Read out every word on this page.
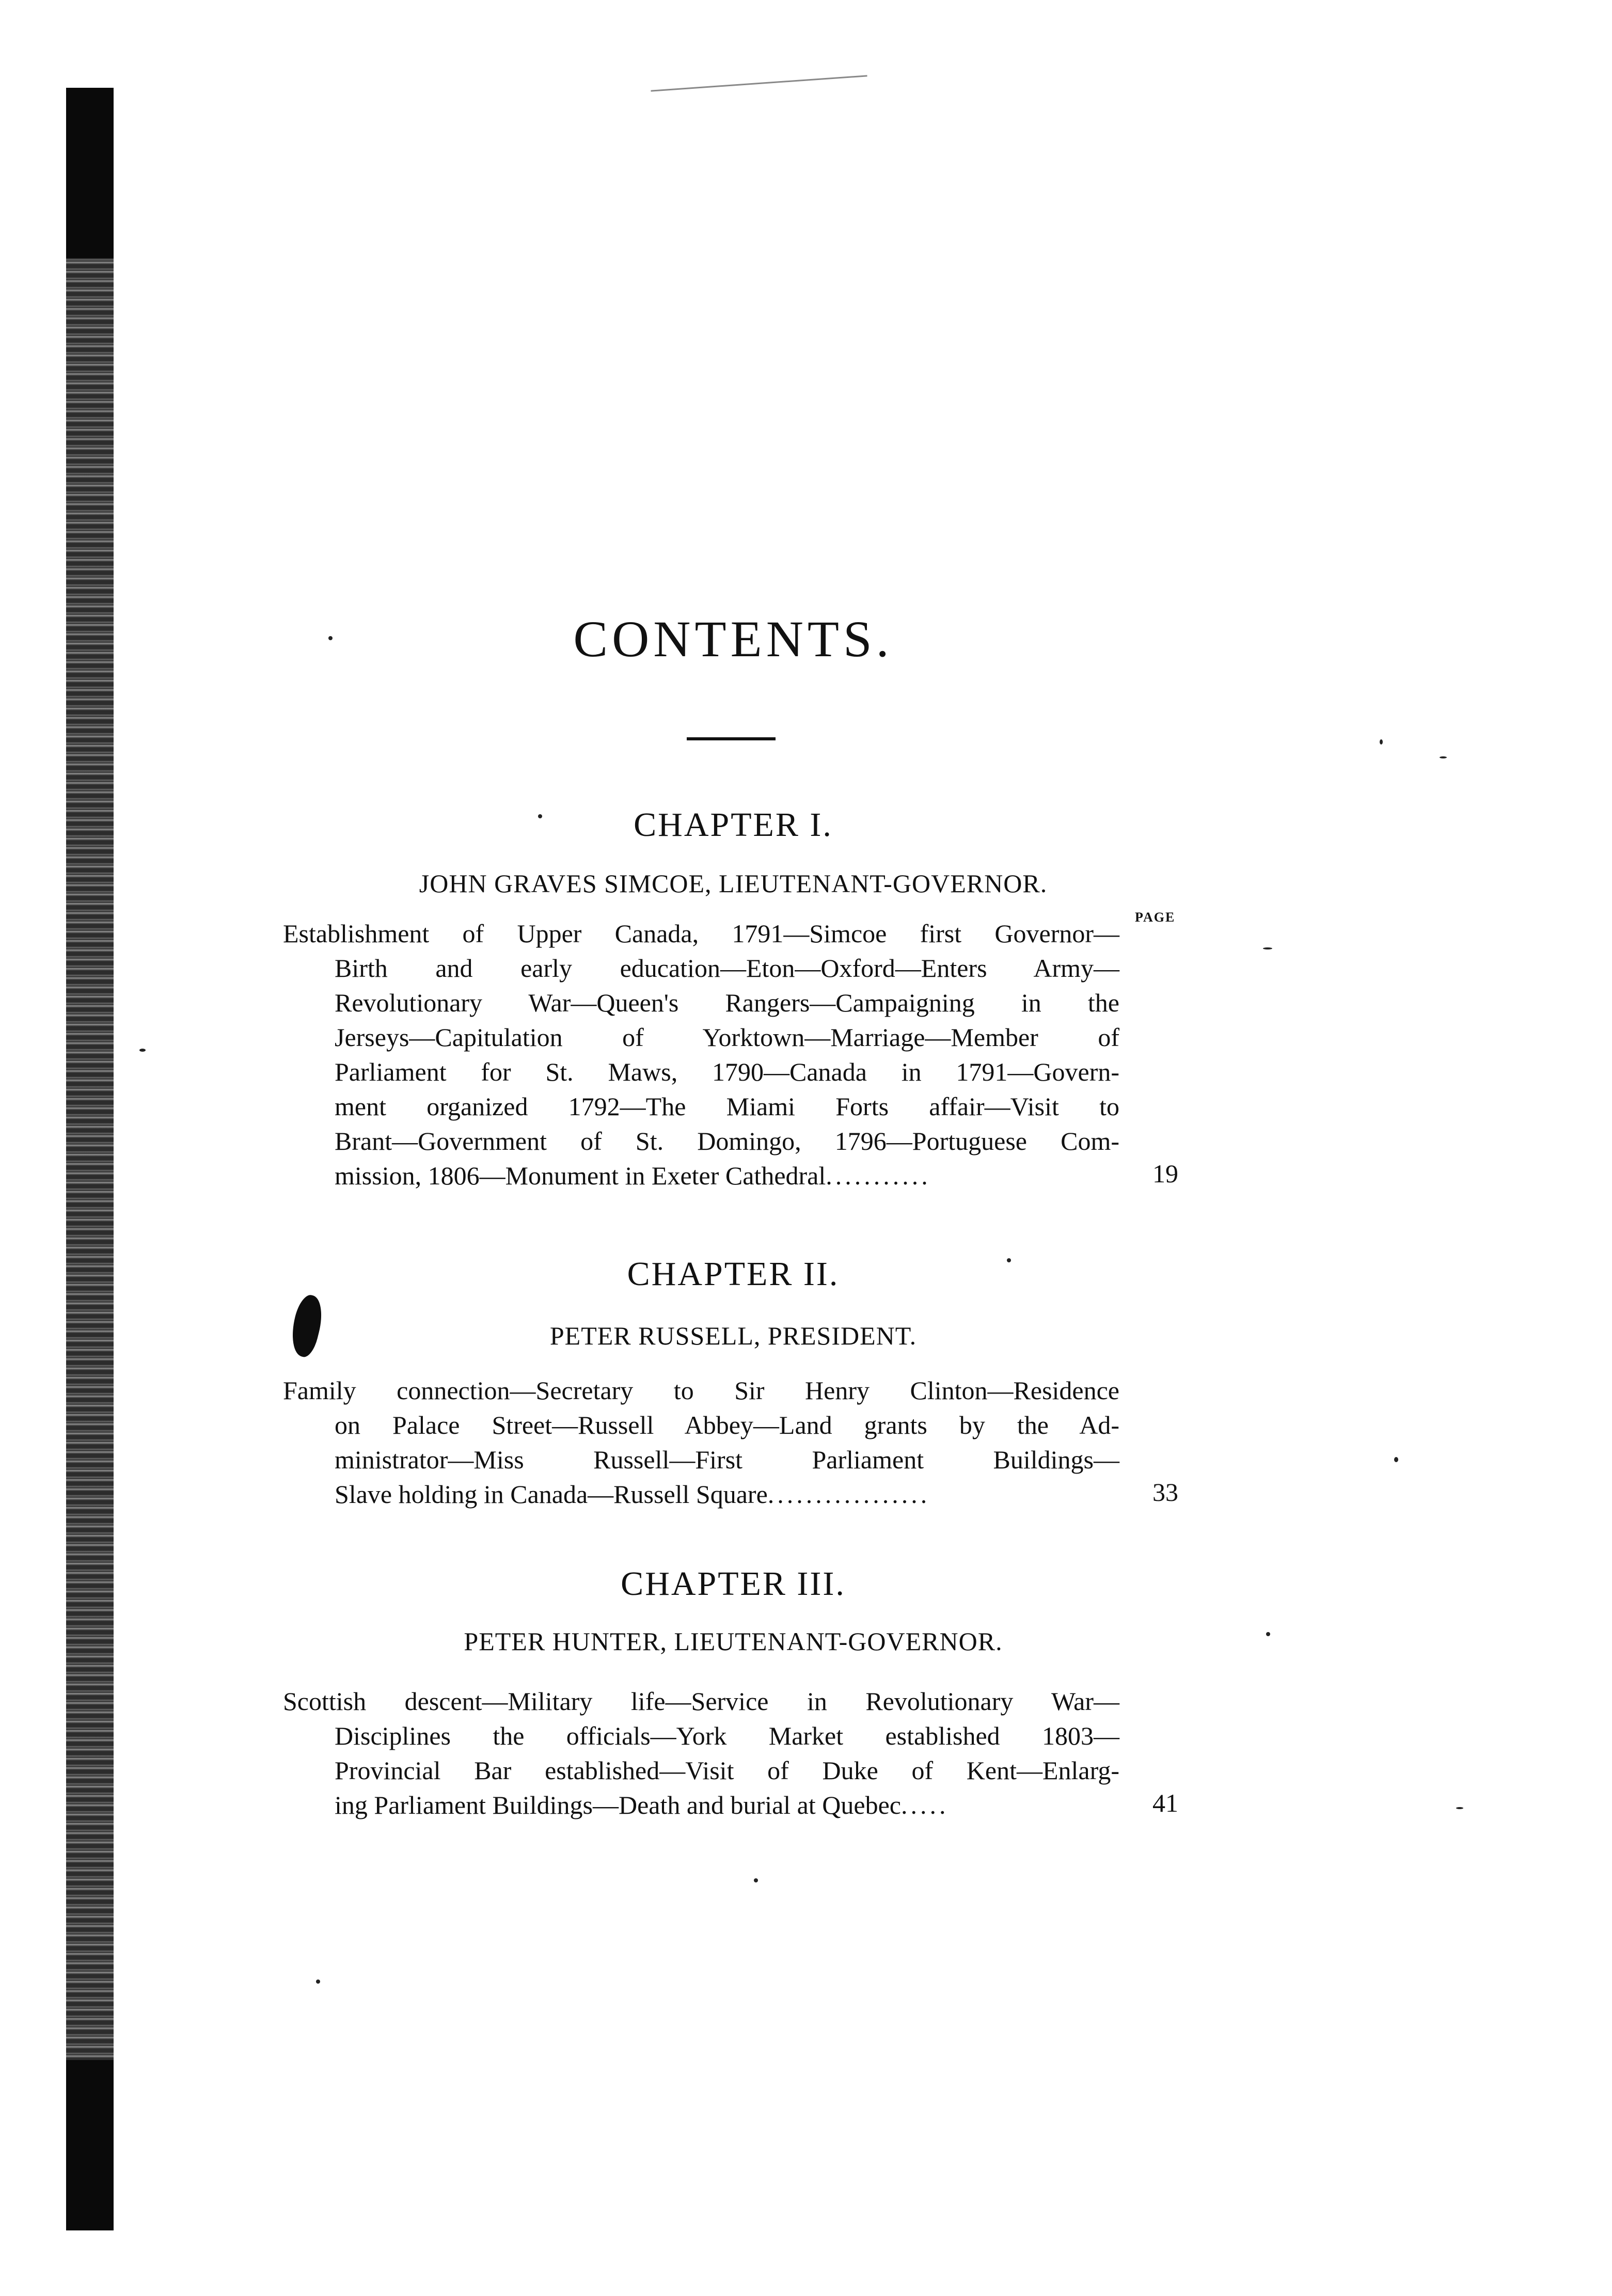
CONTENTS.
CHAPTER I.
JOHN GRAVES SIMCOE, LIEUTENANT-GOVERNOR.
PAGE
Establishment of Upper Canada, 1791—Simcoe first Governor—
Birth and early education—Eton—Oxford—Enters Army—
Revolutionary War—Queen's Rangers—Campaigning in the
Jerseys—Capitulation of Yorktown—Marriage—Member of
Parliament for St. Maws, 1790—Canada in 1791—Govern-
ment organized 1792—The Miami Forts affair—Visit to
Brant—Government of St. Domingo, 1796—Portuguese Com-
mission, 1806—Monument in Exeter Cathedral...........	19
CHAPTER II.
PETER RUSSELL, PRESIDENT.
Family connection—Secretary to Sir Henry Clinton—Residence
on Palace Street—Russell Abbey—Land grants by the Ad-
ministrator—Miss Russell—First Parliament Buildings—
Slave holding in Canada—Russell Square.................	33
CHAPTER III.
PETER HUNTER, LIEUTENANT-GOVERNOR.
Scottish descent—Military life—Service in Revolutionary War—
Disciplines the officials—York Market established 1803—
Provincial Bar established—Visit of Duke of Kent—Enlarg-
ing Parliament Buildings—Death and burial at Quebec.....	41
